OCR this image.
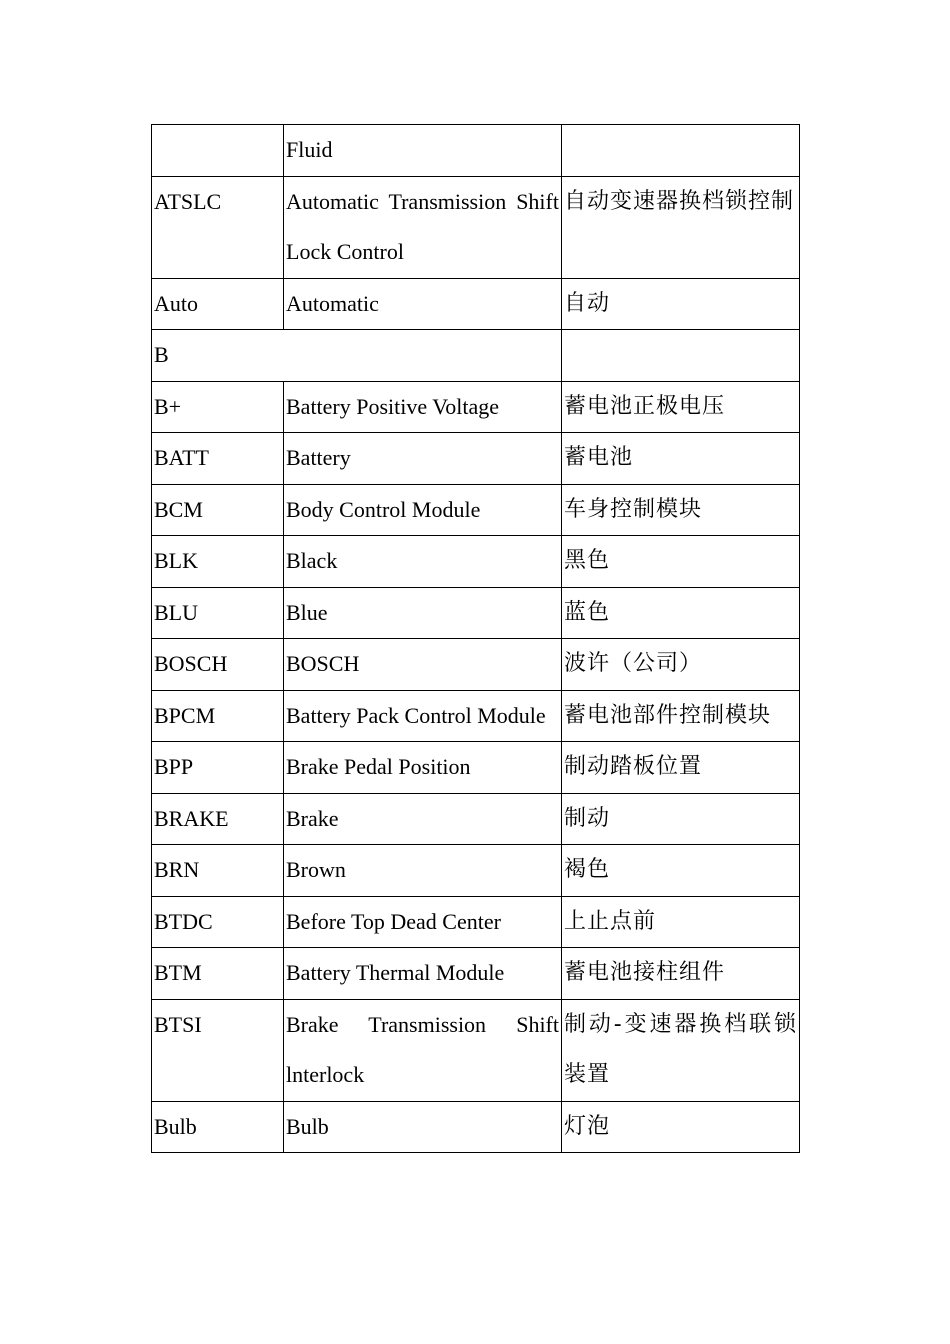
	Fluid	
ATSLC	Automatic Transmission Shift Lock Control	自动变速器换档锁控制
Auto	Automatic	自动
B		
B+	Battery Positive Voltage	蓄电池正极电压
BATT	Battery	蓄电池
BCM	Body Control Module	车身控制模块
BLK	Black	黑色
BLU	Blue	蓝色
BOSCH	BOSCH	波许（公司）
BPCM	Battery Pack Control Module	蓄电池部件控制模块
BPP	Brake Pedal Position	制动踏板位置
BRAKE	Brake	制动
BRN	Brown	褐色
BTDC	Before Top Dead Center	上止点前
BTM	Battery Thermal Module	蓄电池接柱组件
BTSI	Brake Transmission Shift lnterlock	制动-变速器换档联锁装置
Bulb	Bulb	灯泡
